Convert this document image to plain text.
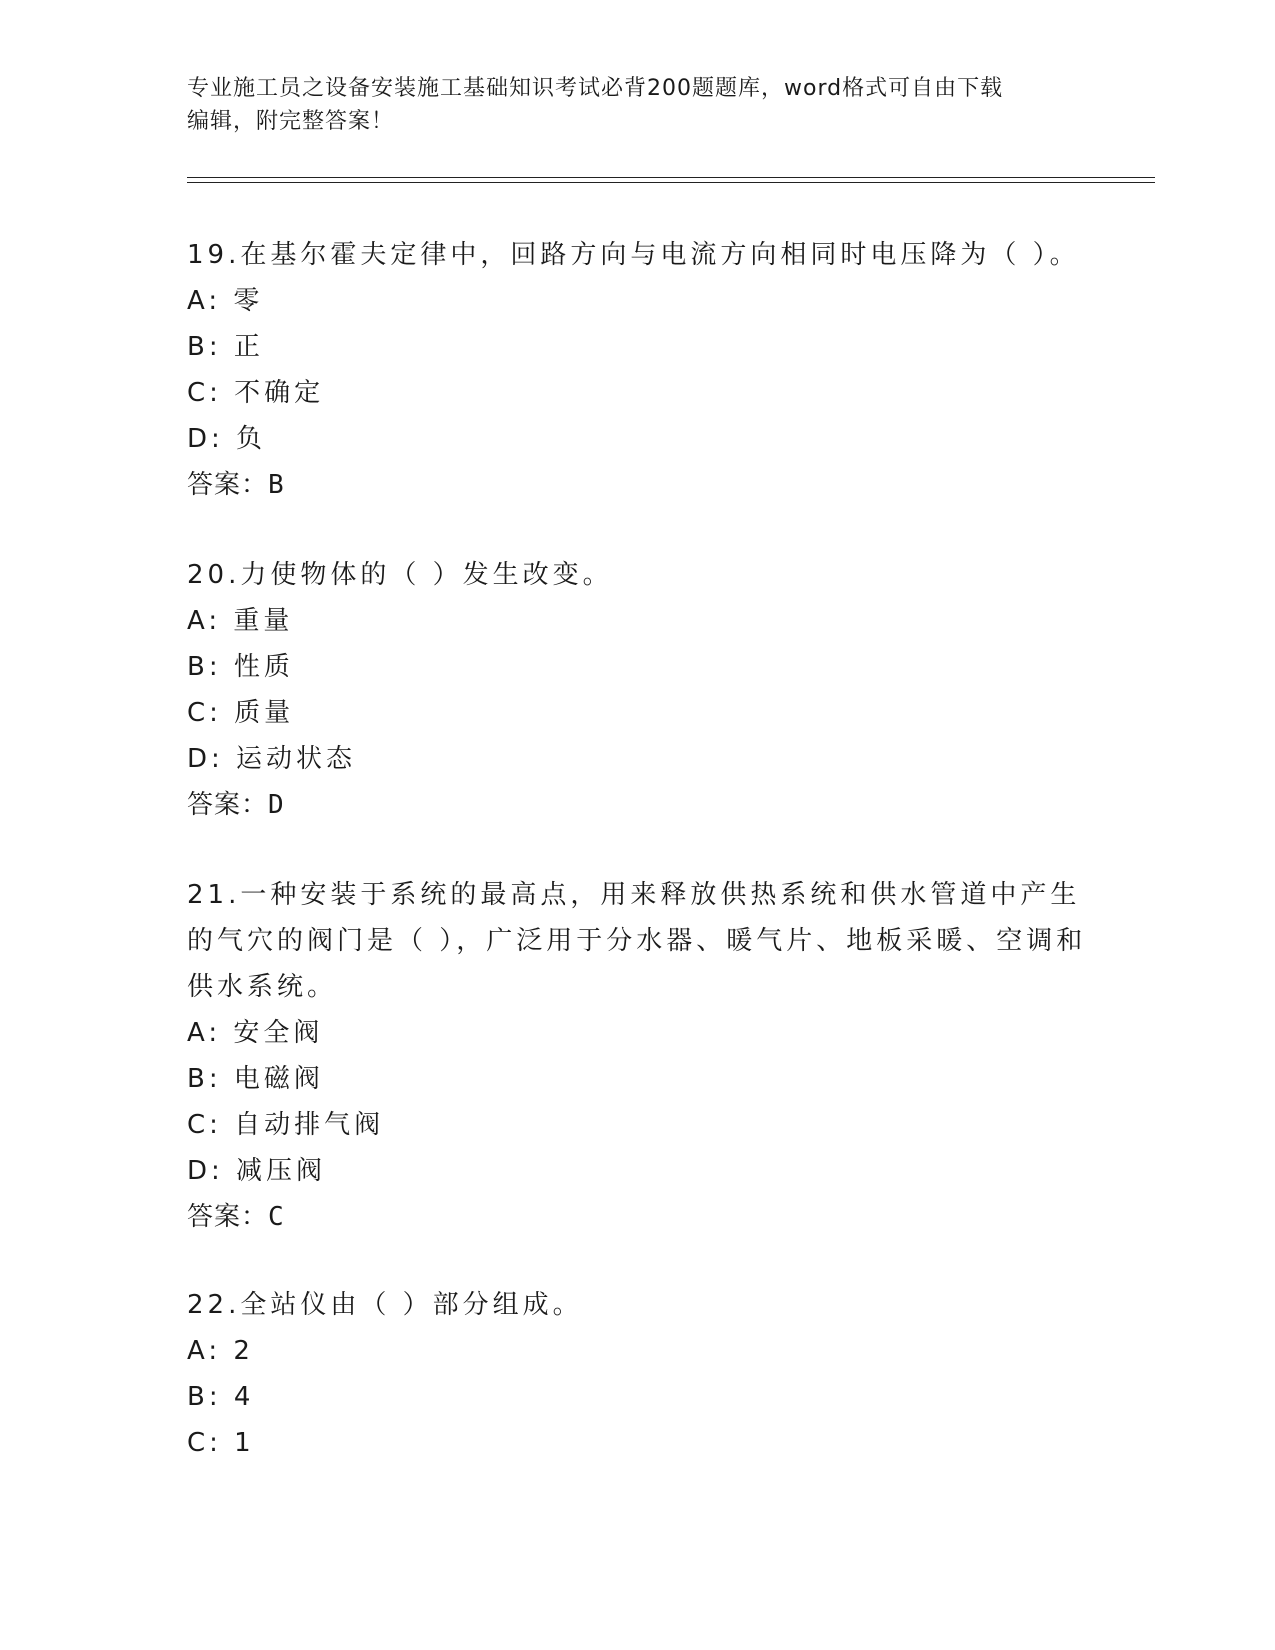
专业施工员之设备安装施工基础知识考试必背200题题库，word格式可自由下载
编辑，附完整答案！

19.在基尔霍夫定律中，回路方向与电流方向相同时电压降为（ ）。

A: 零

B: 正

C: 不确定

D: 负

答案：B

20.力使物体的（ ）发生改变。

A: 重量

B: 性质

C: 质量

D: 运动状态

答案：D

21.一种安装于系统的最高点，用来释放供热系统和供水管道中产生的气穴的阀门是（ ），广泛用于分水器、暖气片、地板采暖、空调和供水系统。

A: 安全阀

B: 电磁阀

C: 自动排气阀

D: 减压阀

答案：C

22.全站仪由（ ）部分组成。

A: 2

B: 4

C: 1
